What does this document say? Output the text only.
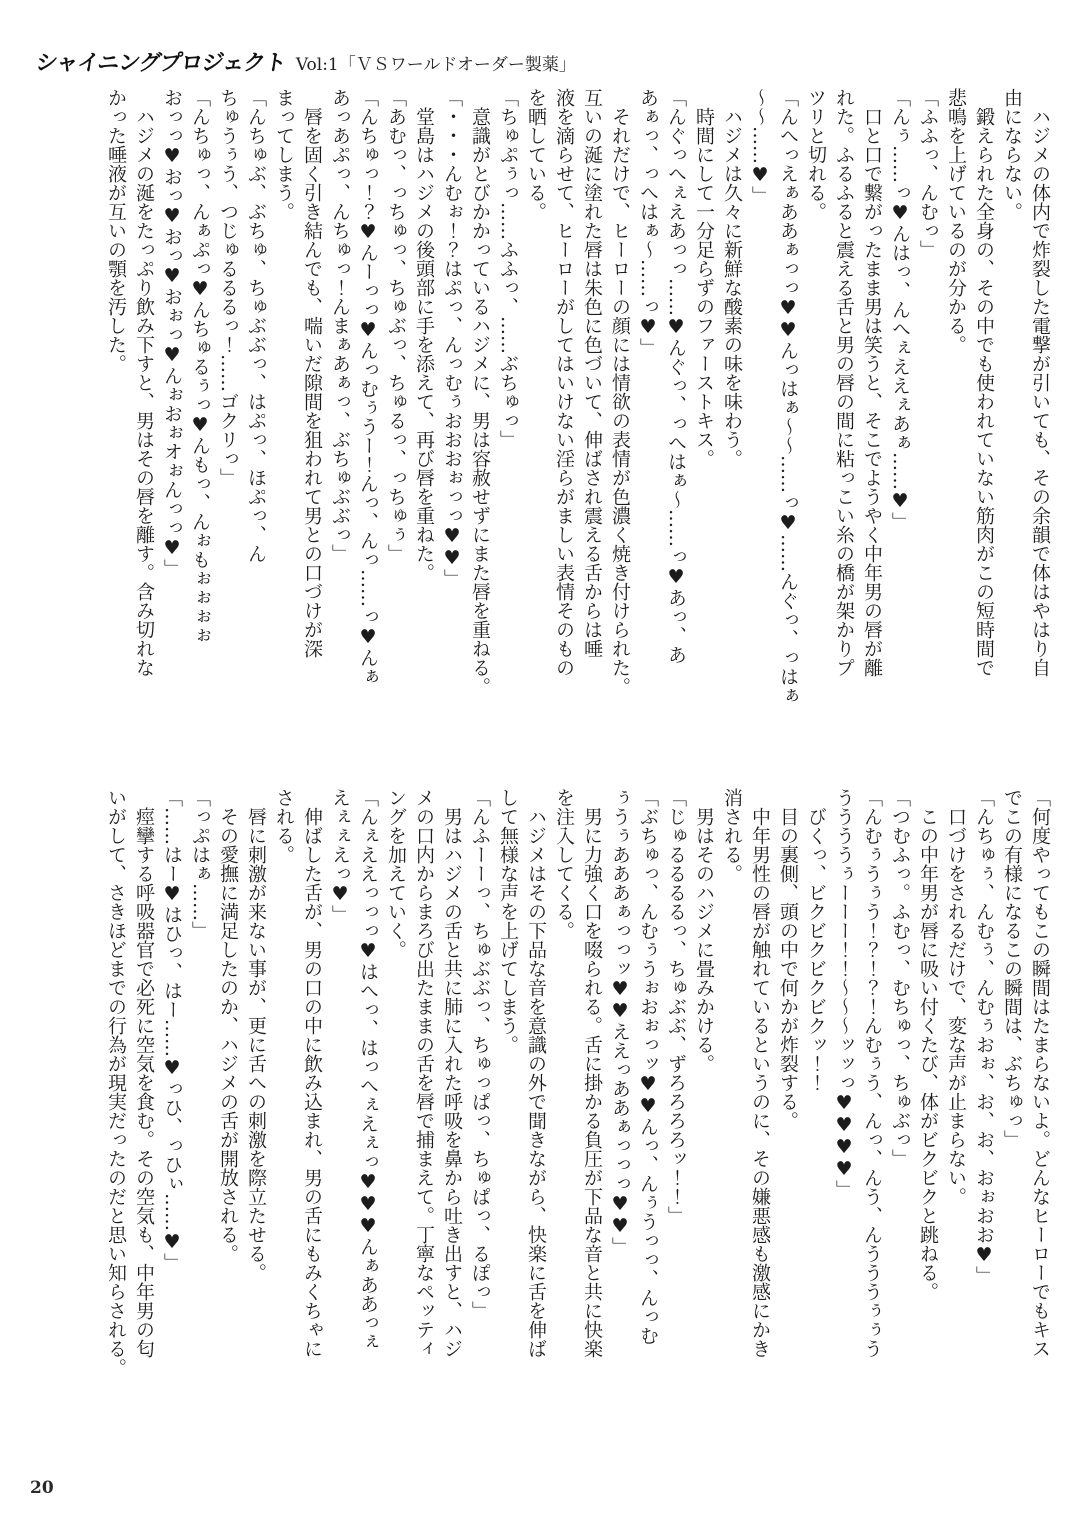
シャイニングプロジェクト Vol:1「ＶＳワールドオーダー製薬」

　ハジメの体内で炸裂した電撃が引いても、その余韻で体はやはり自

由にならない。

　鍛えられた全身の、その中でも使われていない筋肉がこの短時間で

悲鳴を上げているのが分かる。

「ふふっ、んむっ」

「んぅ……っ♥んはっ、んへぇええぇあぁ……♥」

　口と口で繋がったまま男は笑うと、そこでようやく中年男の唇が離

れた。ふるふると震える舌と男の唇の間に粘っこい糸の橋が架かりプ

ツリと切れる。

「んへっえぁああぁっっ♥♥んっはぁ〜〜……っ♥……んぐっ、っはぁ

〜〜……♥」

　ハジメは久々に新鮮な酸素の味を味わう。

　時間にして一分足らずのファーストキス。

「んぐっへぇえあっっ……♥んぐっ、っへはぁ〜……っ♥あっ、あ

あぁっ、っへはぁ〜……っ♥」

　それだけで、ヒーローの顔には情欲の表情が色濃く焼き付けられた。

互いの涎に塗れた唇は朱色に色づいて、伸ばされ震える舌からは唾

液を滴らせて、ヒーローがしてはいけない淫らがましい表情そのもの

を晒している。

「ちゅぷぅっ……ふふっ、……ぶちゅっ」

　意識がとびかかっているハジメに、男は容赦せずにまた唇を重ねる。

「・・・んむぉ！？はぷっ、んっむぅおおおぉっっ♥♥」

　堂島はハジメの後頭部に手を添えて、再び唇を重ねた。

「あむっ、っちゅっ、ちゅぶっ、ちゅるっ、っちゅぅ」

「んちゅっ！？♥んーっっ♥んっむぅうー！んっ、んっ……っ♥んぁ

あっあぷっ、んちゅっ！んまぁあぁっ、ぶちゅぶぶっ」

　唇を固く引き結んでも、喘いだ隙間を狙われて男との口づけが深

まってしまう。

「んちゅぶ、ぶちゅ、ちゅぶぶっ、はぷっ、ほぷっ、ん

ちゅうぅう、つじゅるるるっ！……ゴクリっ」

「んちゅっ、んぁぷっ♥んちゅるぅっ♥んもっ、んぉもぉぉぉぉ

おっっ♥おっ♥おっ♥おぉっ♥んぉおぉオぉんっっ♥」

　ハジメの涎をたっぷり飲み下すと、男はその唇を離す。含み切れな

かった唾液が互いの顎を汚した。

「何度やってもこの瞬間はたまらないよ。どんなヒーローでもキス

でこの有様になるこの瞬間は、ぶちゅっ」

「んちゅぅ、んむぅ、んむぅおぉ、お、お、おぉおお♥」

　口づけをされるだけで、変な声が止まらない。

　この中年男が唇に吸い付くたび、体がビクビクと跳ねる。

「つむふっ。ふむっ、むちゅっ、ちゅぶっ」

「んむぅうぅう！？！？！んむぅう、んっ、んう、んうううぅぅう

ううううぅーーー！！〜〜〜ッッっ♥♥♥♥」

　びくっ、ビクビクビクビクッ！！

　目の裏側、頭の中で何かが炸裂する。

　中年男性の唇が触れているというのに、その嫌悪感も激感にかき

消される。

　男はそのハジメに畳みかける。

「じゅるるるるっ、ちゅぶぶ、ずろろろろッ！！」

「ぶちゅっ、んむぅうぉおぉっッ♥♥んっ、んぅうっっ、んっむ

ぅうぅあああぁっっッ♥♥ええっああぁっっっ♥♥」

　男に力強く口を啜られる。舌に掛かる負圧が下品な音と共に快楽

を注入してくる。

　ハジメはその下品な音を意識の外で聞きながら、快楽に舌を伸ば

して無様な声を上げてしまう。

「んふーーっ、ちゅぶぶっ、ちゅっぱっ、ちゅぱっ、るぽっ」

　男はハジメの舌と共に肺に入れた呼吸を鼻から吐き出すと、ハジ

メの口内からまろび出たままの舌を唇で捕まえて。丁寧なペッティ

ングを加えていく。

「んぇええっっっ♥はへっ、はっへぇえぇっ♥♥♥んぁああっぇ

えぇぇえっ♥」

　伸ばした舌が、男の口の中に飲み込まれ、男の舌にもみくちゃに

される。

　唇に刺激が来ない事が、更に舌への刺激を際立たせる。

　その愛撫に満足したのか、ハジメの舌が開放される。

「っぷはぁ……」

「……はー♥はひっ、はー……♥っひ、っひぃ……♥」

　痙攣する呼吸器官で必死に空気を食む。その空気も、中年男の匂

いがして、さきほどまでの行為が現実だったのだと思い知らされる。

20
